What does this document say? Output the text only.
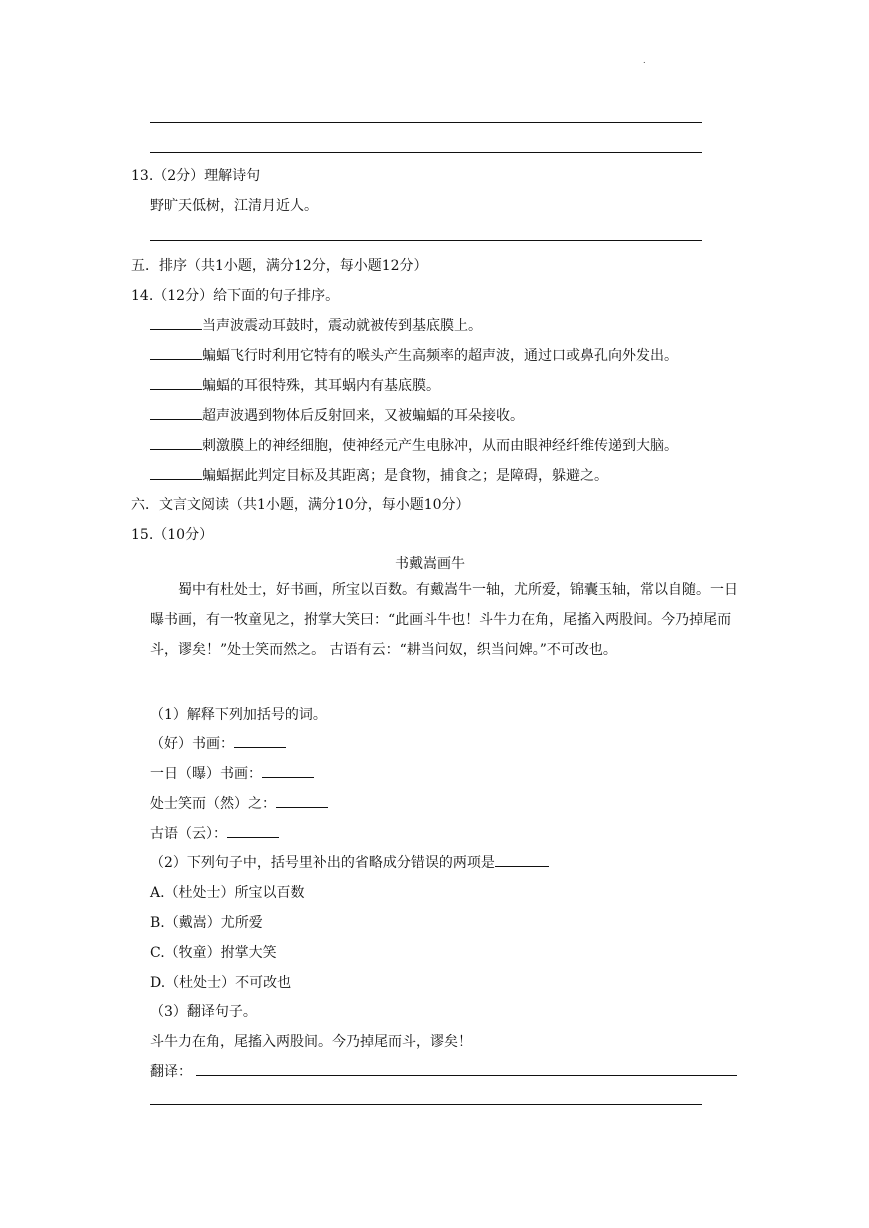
.
13.（2分）理解诗句
野旷天低树，江清月近人。
五．排序（共1小题，满分12分，每小题12分）
14.（12分）给下面的句子排序。
当声波震动耳鼓时，震动就被传到基底膜上。
蝙蝠飞行时利用它特有的喉头产生高频率的超声波，通过口或鼻孔向外发出。
蝙蝠的耳很特殊，其耳蜗内有基底膜。
超声波遇到物体后反射回来，又被蝙蝠的耳朵接收。
刺激膜上的神经细胞，使神经元产生电脉冲，从而由眼神经纤维传递到大脑。
蝙蝠据此判定目标及其距离；是食物，捕食之；是障碍，躲避之。
六．文言文阅读（共1小题，满分10分，每小题10分）
15.（10分）
书戴嵩画牛
蜀中有杜处士，好书画，所宝以百数。有戴嵩牛一轴，尤所爱，锦囊玉轴，常以自随。一日曝书画，有一牧童见之，拊掌大笑曰：“此画斗牛也！斗牛力在角，尾搐入两股间。今乃掉尾而斗，谬矣！”处士笑而然之。 古语有云：“耕当问奴，织当问婢。”不可改也。
（1）解释下列加括号的词。
（好）书画：
一日（曝）书画：
处士笑而（然）之：
古语（云）：
（2）下列句子中，括号里补出的省略成分错误的两项是
A.（杜处士）所宝以百数
B.（戴嵩）尤所爱
C.（牧童）拊掌大笑
D.（杜处士）不可改也
（3）翻译句子。
斗牛力在角，尾搐入两股间。今乃掉尾而斗，谬矣！
翻译：
